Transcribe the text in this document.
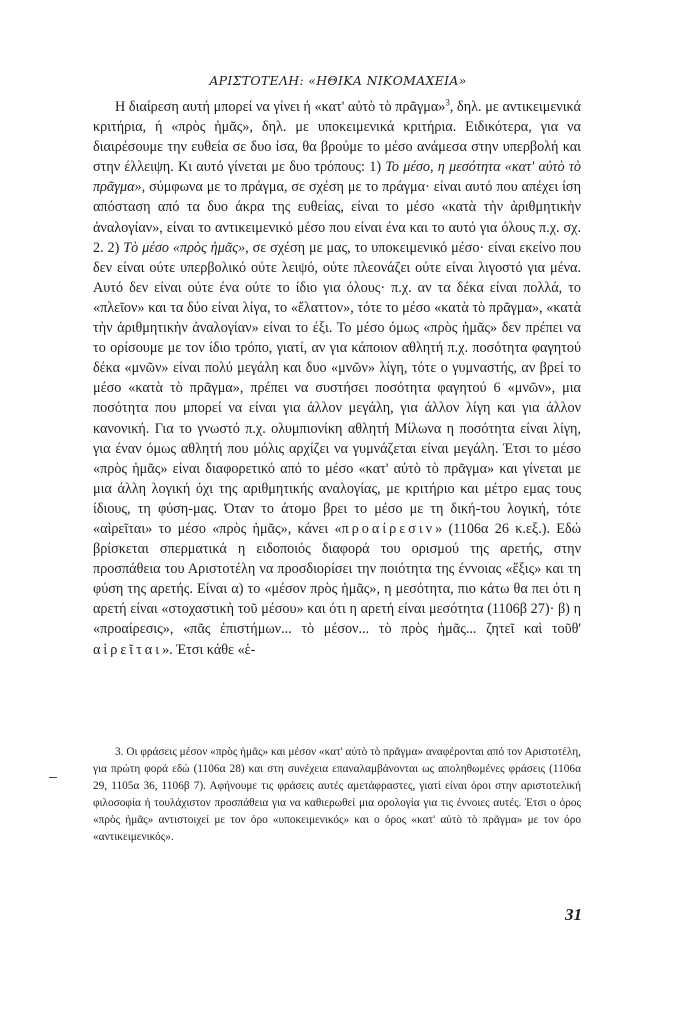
ΑΡΙΣΤΟΤΕΛΗ: «ΗΘΙΚΑ ΝΙΚΟΜΑΧΕΙΑ»

Η διαίρεση αυτή μπορεί να γίνει ή «κατ' αὐτὸ τὸ πρᾶγμα»$^3$, δηλ. με αντικειμενικά κριτήρια, ή «πρὸς ἡμᾶς», δηλ. με υποκειμενικά κριτήρια. Ειδικότερα, για να διαιρέσουμε την ευθεία σε δυο ίσα, θα βρούμε το μέσο ανάμεσα στην υπερβολή και στην έλλειψη. Κι αυτό γίνεται με δυο τρόπους: 1) Το μέσο, η μεσότητα «κατ' αὐτὸ τὸ πρᾶγμα», σύμφωνα με το πράγμα, σε σχέση με το πράγμα· είναι αυτό που απέχει ίση απόσταση από τα δυο άκρα της ευθείας, είναι το μέσο «κατὰ τὴν ἀριθμητικὴν ἀναλογίαν», είναι το αντικειμενικό μέσο που είναι ένα και το αυτό για όλους π.χ. σχ. 2. 2) Τὸ μέσο «πρὸς ἡμᾶς», σε σχέση με μας, το υποκειμενικό μέσο· είναι εκείνο που δεν είναι ούτε υπερβολικό ούτε λειψό, ούτε πλεονάζει ούτε είναι λιγοστό για μένα. Αυτό δεν είναι ούτε ένα ούτε το ίδιο για όλους· π.χ. αν τα δέκα είναι πολλά, το «πλεῖον» και τα δύο είναι λίγα, το «ἔλαττον», τότε το μέσο «κατὰ τὸ πρᾶγμα», «κατὰ τὴν ἀριθμητικὴν ἀναλογίαν» είναι το έξι. Το μέσο όμως «πρὸς ἡμᾶς» δεν πρέπει να το ορίσουμε με τον ίδιο τρόπο, γιατί, αν για κάποιον αθλητή π.χ. ποσότητα φαγητού δέκα «μνῶν» είναι πολύ μεγάλη και δυο «μνῶν» λίγη, τότε ο γυμναστής, αν βρεί το μέσο «κατὰ τὸ πρᾶγμα», πρέπει να συστήσει ποσότητα φαγητού 6 «μνῶν», μια ποσότητα που μπορεί να είναι για άλλον μεγάλη, για άλλον λίγη και για άλλον κανονική. Για το γνωστό π.χ. ολυμπιονίκη αθλητή Μίλωνα η ποσότητα είναι λίγη, για έναν όμως αθλητή που μόλις αρχίζει να γυμνάζεται είναι μεγάλη. Έτσι το μέσο «πρὸς ἡμᾶς» είναι διαφορετικό από το μέσο «κατ' αὐτὸ τὸ πρᾶγμα» και γίνεται με μια άλλη λογική όχι της αριθμητικής αναλογίας, με κριτήριο και μέτρο εμας τους ίδιους, τη φύση-μας. Όταν το άτομο βρει το μέσο με τη δική-του λογική, τότε «αἱρεῖται» το μέσο «πρὸς ἡμᾶς», κάνει «προαίρεσιν» (1106α 26 κ.εξ.). Εδώ βρίσκεται σπερματικά η ειδοποιός διαφορά του ορισμού της αρετής, στην προσπάθεια του Αριστοτέλη να προσδιορίσει την ποιότητα της έννοιας «ἕξις» και τη φύση της αρετής. Είναι α) το «μέσον πρὸς ἡμᾶς», η μεσότητα, πιο κάτω θα πει ότι η αρετή είναι «στοχαστικὴ τοῦ μέσου» και ότι η αρετή είναι μεσότητα (1106β 27)· β) η «προαίρεσις», «πᾶς ἐπιστήμων... τὸ μέσον... τὸ πρὸς ἡμᾶς... ζητεῖ καὶ τοῦθ' αἱρεῖται». Έτσι κάθε «ἑ-

3. Οι φράσεις μέσον «πρὸς ἡμᾶς» και μέσον «κατ' αὐτὸ τὸ πρᾶγμα» αναφέρονται από τον Αριστοτέλη, για πρώτη φορά εδώ (1106α 28) και στη συνέχεια επαναλαμβάνονται ως αποληθωμένες φράσεις (1106α 29, 1105α 36, 1106β 7). Αφήνουμε τις φράσεις αυτές αμετάφραστες, γιατί είναι όροι στην αριστοτελική φιλοσοφία ή τουλάχιστον προσπάθεια για να καθιερωθεί μια ορολογία για τις έννοιες αυτές. Έτσι ο όρος «πρὸς ἡμᾶς» αντιστοιχεί με τον όρο «υποκειμενικός» και ο όρος «κατ' αὐτὸ τὸ πρᾶγμα» με τον όρο «αντικειμενικός».

31
